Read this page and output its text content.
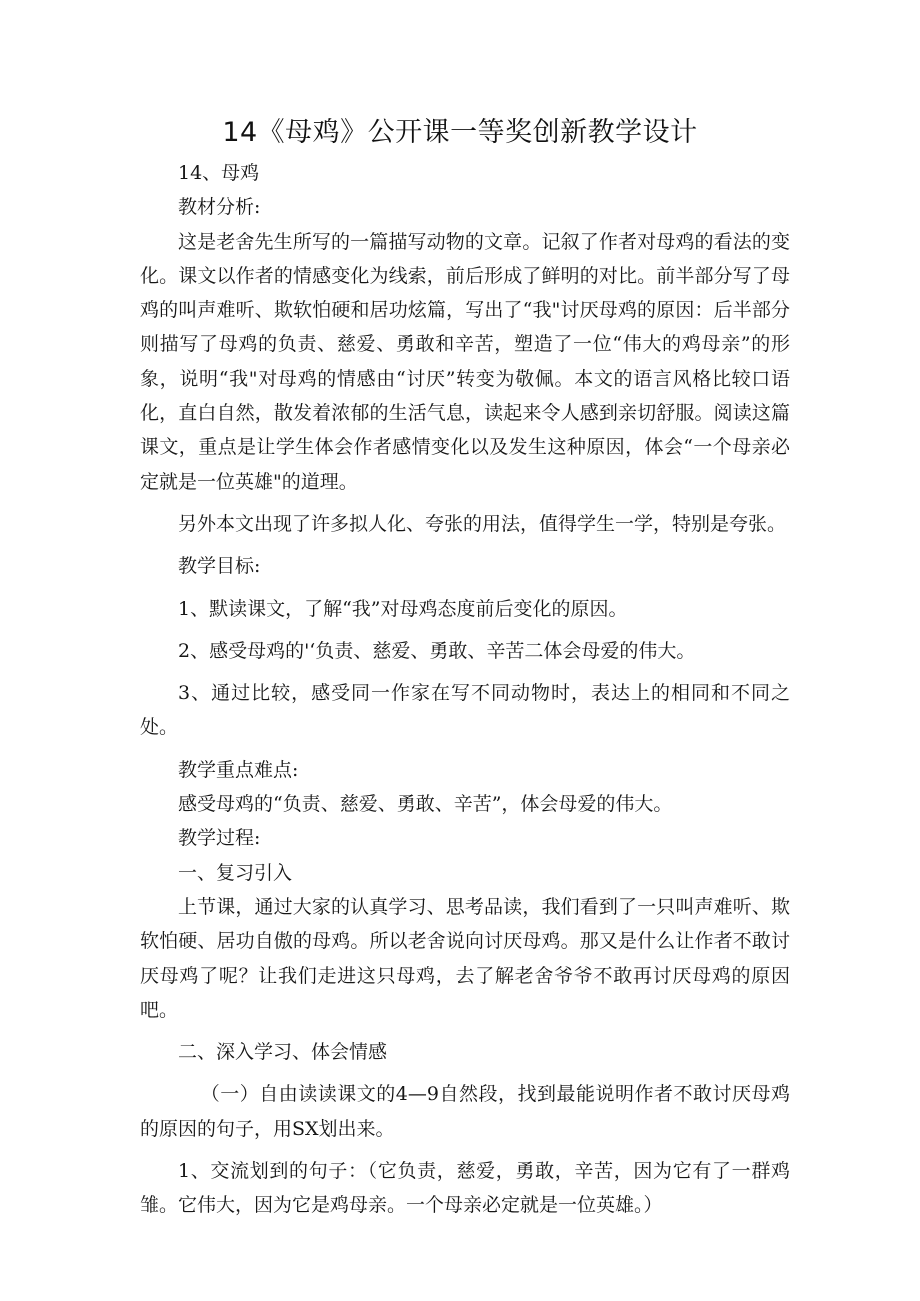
14《母鸡》公开课一等奖创新教学设计

14、母鸡

教材分析:

这是老舍先生所写的一篇描写动物的文章。记叙了作者对母鸡的看法的变化。课文以作者的情感变化为线索，前后形成了鲜明的对比。前半部分写了母鸡的叫声难听、欺软怕硬和居功炫篇，写出了“我"讨厌母鸡的原因：后半部分则描写了母鸡的负责、慈爱、勇敢和辛苦，塑造了一位“伟大的鸡母亲”的形象，说明“我"对母鸡的情感由“讨厌”转变为敬佩。本文的语言风格比较口语化，直白自然，散发着浓郁的生活气息，读起来令人感到亲切舒服。阅读这篇课文，重点是让学生体会作者感情变化以及发生这种原因，体会“一个母亲必定就是一位英雄"的道理。

另外本文出现了许多拟人化、夸张的用法，值得学生一学，特别是夸张。

教学目标:

1、默读课文，了解“我”对母鸡态度前后变化的原因。

2、感受母鸡的'‘负责、慈爱、勇敢、辛苦二体会母爱的伟大。

3、通过比较，感受同一作家在写不同动物时，表达上的相同和不同之处。

教学重点难点:

感受母鸡的“负责、慈爱、勇敢、辛苦”，体会母爱的伟大。

教学过程:

一、复习引入

上节课，通过大家的认真学习、思考品读，我们看到了一只叫声难听、欺软怕硬、居功自傲的母鸡。所以老舍说向讨厌母鸡。那又是什么让作者不敢讨厌母鸡了呢？让我们走进这只母鸡，去了解老舍爷爷不敢再讨厌母鸡的原因吧。

二、深入学习、体会情感

（一）自由读读课文的4—9自然段，找到最能说明作者不敢讨厌母鸡的原因的句子，用SX划出来。

1、交流划到的句子：（它负责，慈爱，勇敢，辛苦，因为它有了一群鸡雏。它伟大，因为它是鸡母亲。一个母亲必定就是一位英雄。）
